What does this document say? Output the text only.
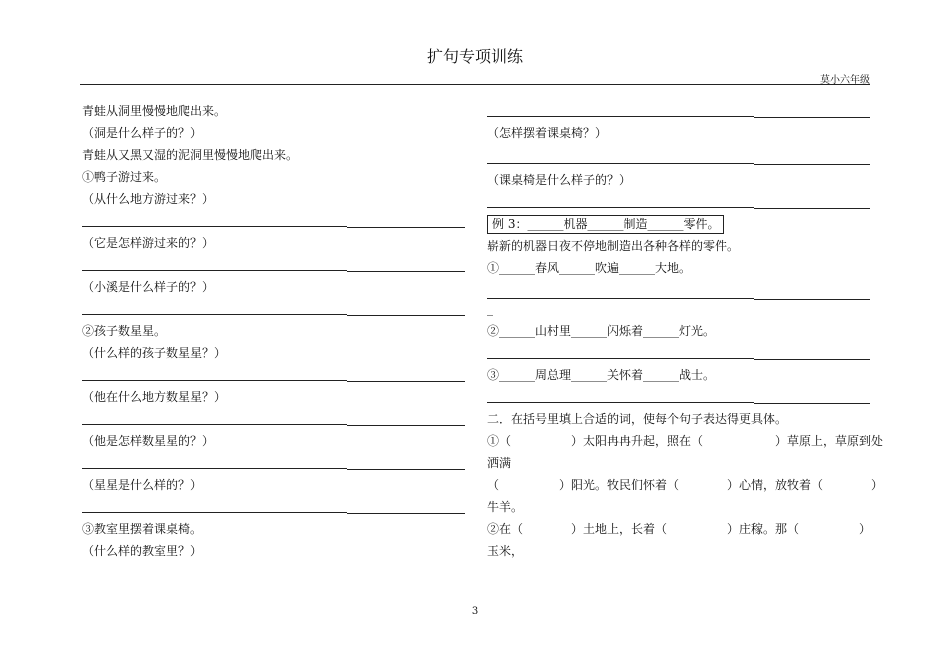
扩句专项训练
莫小六年级
青蛙从洞里慢慢地爬出来。
（洞是什么样子的？）
青蛙从又黑又湿的泥洞里慢慢地爬出来。
①鸭子游过来。
（从什么地方游过来？）
（它是怎样游过来的？）
（小溪是什么样子的？）
②孩子数星星。
（什么样的孩子数星星？）
（他在什么地方数星星？）
（他是怎样数星星的？）
（星星是什么样的？）
③教室里摆着课桌椅。
（什么样的教室里？）
（怎样摆着课桌椅？）
（课桌椅是什么样子的？）
例 3：______机器______制造______零件。
崭新的机器日夜不停地制造出各种各样的零件。
①______春风______吹遍______大地。
_
②______山村里______闪烁着______灯光。
③______周总理______关怀着______战士。
二．在括号里填上合适的词，使每个句子表达得更具体。
①（　　　　　）太阳冉冉升起，照在（　　　　　　）草原上，草原到处
洒满
（　　　　　）阳光。牧民们怀着（　　　　）心情，放牧着（　　　　）
牛羊。
②在（　　　　）土地上，长着（　　　　　）庄稼。那（　　　　　）
玉米，
3
